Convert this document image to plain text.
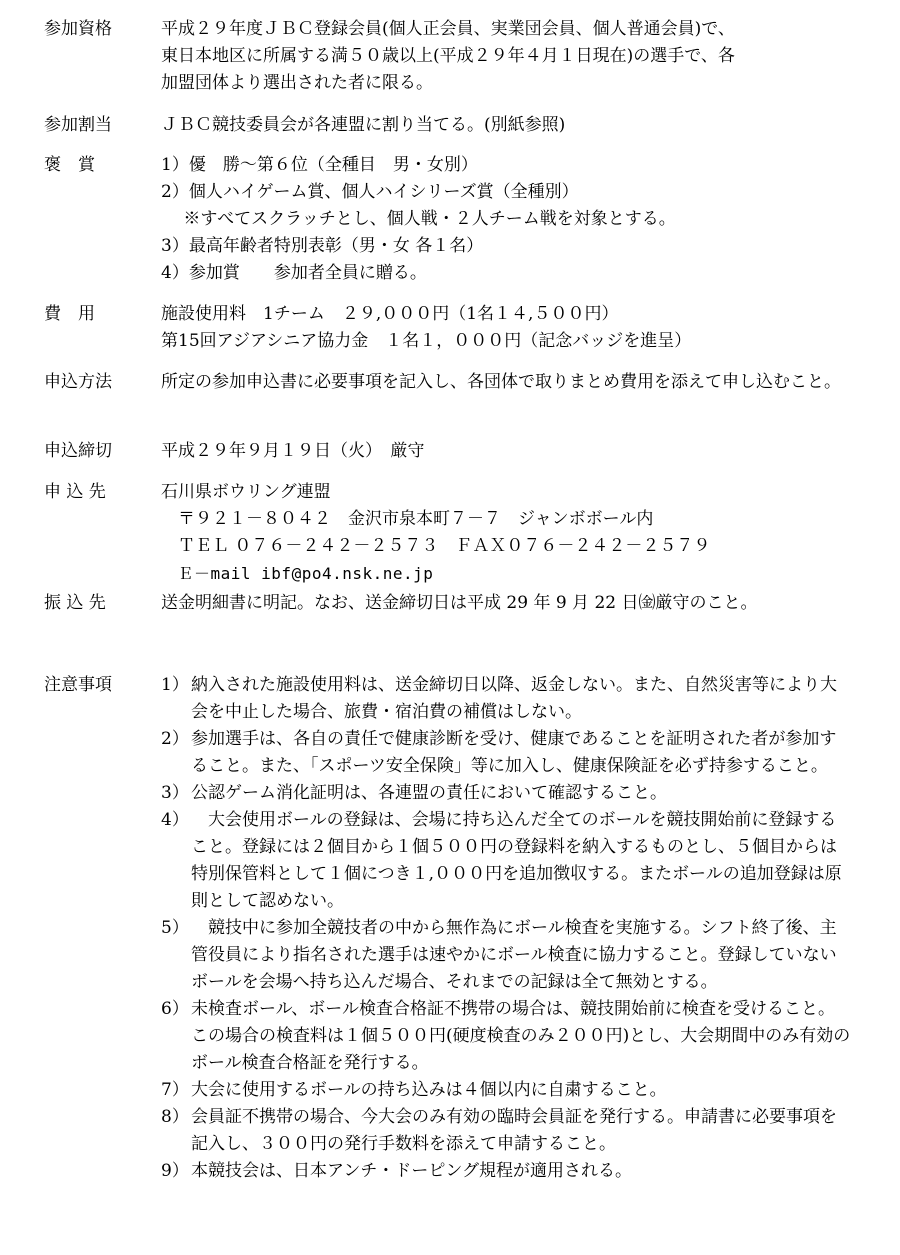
参加資格	平成２９年度ＪＢＣ登録会員(個人正会員、実業団会員、個人普通会員)で、
東日本地区に所属する満５０歳以上(平成２９年４月１日現在)の選手で、各
加盟団体より選出された者に限る。
参加割当	ＪＢＣ競技委員会が各連盟に割り当てる。(別紙参照)
褒　賞	1）優　勝～第６位（全種目　男・女別）
2）個人ハイゲーム賞、個人ハイシリーズ賞（全種別）
　 ※すべてスクラッチとし、個人戦・２人チーム戦を対象とする。
3）最高年齢者特別表彰（男・女 各１名）
4）参加賞　　参加者全員に贈る。
費　用	施設使用料　1チーム　２９,０００円（1名１４,５００円）
第15回アジアシニア協力金　１名１，０００円（記念バッジを進呈）
申込方法	所定の参加申込書に必要事項を記入し、各団体で取りまとめ費用を添えて申し込むこと。
申込締切	平成２９年９月１９日（火）　厳守
申 込 先	石川県ボウリング連盟
　〒９２１－８０４２　金沢市泉本町７－７　ジャンボボール内
　ＴＥＬ ０７６－２４２－２５７３　ＦＡＸ０７６－２４２－２５７９
　Ｅ－mail ibf@po4.nsk.ne.jp
振 込 先	送金明細書に明記。なお、送金締切日は平成 29 年 9 月 22 日㈮厳守のこと。
注意事項	1） 納入された施設使用料は、送金締切日以降、返金しない。また、自然災害等により大会を中止した場合、旅費・宿泊費の補償はしない。
2） 参加選手は、各自の責任で健康診断を受け、健康であることを証明された者が参加すること。また、「スポーツ安全保険」等に加入し、健康保険証を必ず持参すること。
3） 公認ゲーム消化証明は、各連盟の責任において確認すること。
4） 　大会使用ボールの登録は、会場に持ち込んだ全てのボールを競技開始前に登録すること。登録には２個目から１個５００円の登録料を納入するものとし、５個目からは特別保管料として１個につき１,０００円を追加徴収する。またボールの追加登録は原則として認めない。
5） 　競技中に参加全競技者の中から無作為にボール検査を実施する。シフト終了後、主管役員により指名された選手は速やかにボール検査に協力すること。登録していないボールを会場へ持ち込んだ場合、それまでの記録は全て無効とする。
6） 未検査ボール、ボール検査合格証不携帯の場合は、競技開始前に検査を受けること。この場合の検査料は１個５００円(硬度検査のみ２００円)とし、大会期間中のみ有効のボール検査合格証を発行する。
7） 大会に使用するボールの持ち込みは４個以内に自粛すること。
8） 会員証不携帯の場合、今大会のみ有効の臨時会員証を発行する。申請書に必要事項を記入し、３００円の発行手数料を添えて申請すること。
9） 本競技会は、日本アンチ・ドーピング規程が適用される。
